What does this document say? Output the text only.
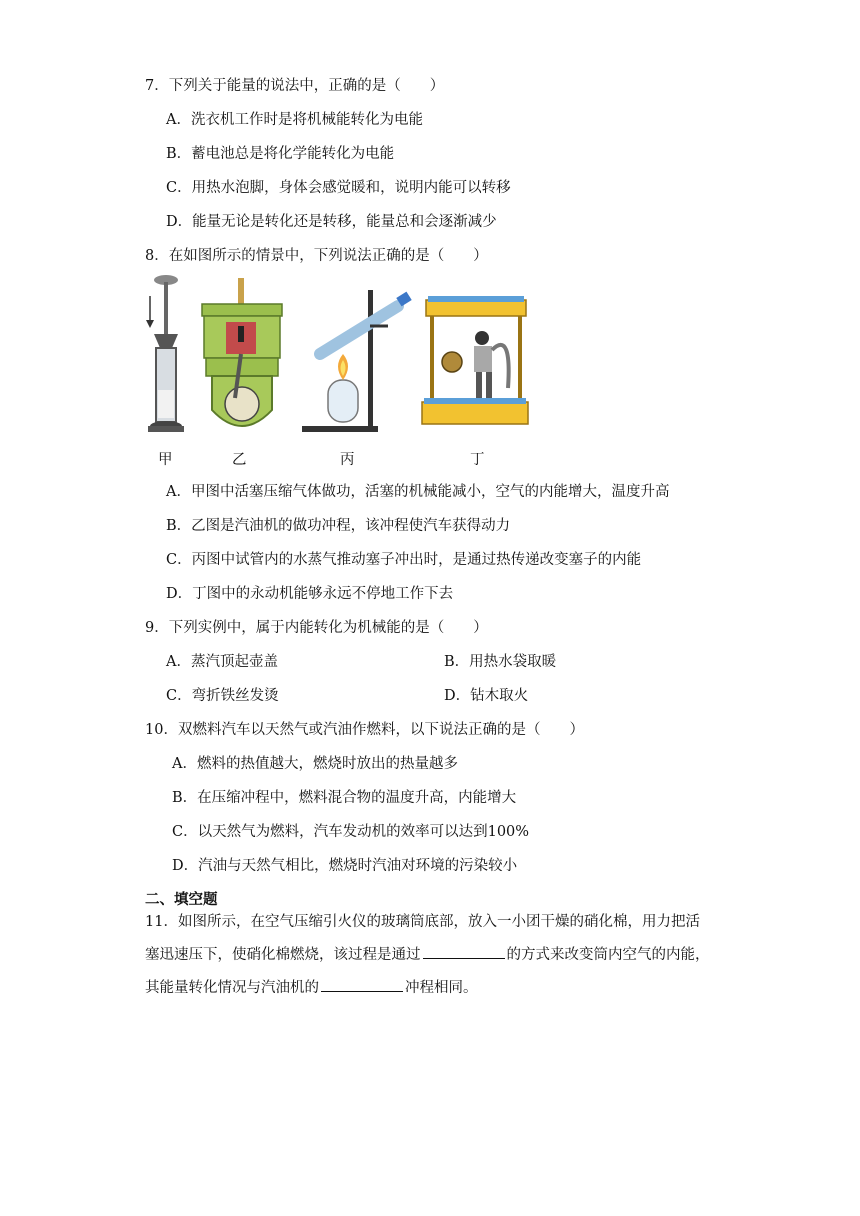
7．下列关于能量的说法中，正确的是（　　）
A．洗衣机工作时是将机械能转化为电能
B．蓄电池总是将化学能转化为电能
C．用热水泡脚，身体会感觉暖和，说明内能可以转移
D．能量无论是转化还是转移，能量总和会逐渐减少
8．在如图所示的情景中，下列说法正确的是（　　）
甲	乙	丙	丁
A．甲图中活塞压缩气体做功，活塞的机械能减小，空气的内能增大，温度升高
B．乙图是汽油机的做功冲程，该冲程使汽车获得动力
C．丙图中试管内的水蒸气推动塞子冲出时，是通过热传递改变塞子的内能
D．丁图中的永动机能够永远不停地工作下去
9．下列实例中，属于内能转化为机械能的是（　　）
A．蒸汽顶起壶盖	B．用热水袋取暖
C．弯折铁丝发烫	D．钻木取火
10．双燃料汽车以天然气或汽油作燃料，以下说法正确的是（　　）
A．燃料的热值越大，燃烧时放出的热量越多
B．在压缩冲程中，燃料混合物的温度升高，内能增大
C．以天然气为燃料，汽车发动机的效率可以达到100%
D．汽油与天然气相比，燃烧时汽油对环境的污染较小
二、填空题
11．如图所示，在空气压缩引火仪的玻璃筒底部，放入一小团干燥的硝化棉，用力把活
塞迅速压下，使硝化棉燃烧，该过程是通过	的方式来改变筒内空气的内能，
其能量转化情况与汽油机的	冲程相同。
